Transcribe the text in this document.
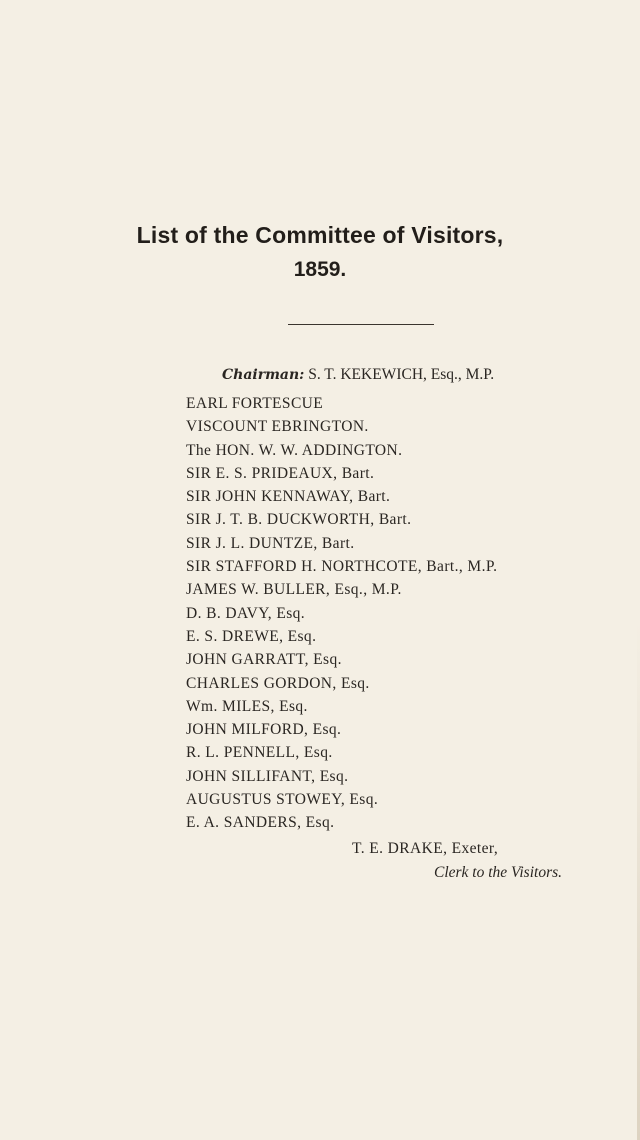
List of the Committee of Visitors,
1859.
Chairman: S. T. KEKEWICH, Esq., M.P.
EARL FORTESCUE
VISCOUNT EBRINGTON.
The HON. W. W. ADDINGTON.
SIR E. S. PRIDEAUX, Bart.
SIR JOHN KENNAWAY, Bart.
SIR J. T. B. DUCKWORTH, Bart.
SIR J. L. DUNTZE, Bart.
SIR STAFFORD H. NORTHCOTE, Bart., M.P.
JAMES W. BULLER, Esq., M.P.
D. B. DAVY, Esq.
E. S. DREWE, Esq.
JOHN GARRATT, Esq.
CHARLES GORDON, Esq.
Wm. MILES, Esq.
JOHN MILFORD, Esq.
R. L. PENNELL, Esq.
JOHN SILLIFANT, Esq.
AUGUSTUS STOWEY, Esq.
E. A. SANDERS, Esq.
T. E. DRAKE, Exeter,
Clerk to the Visitors.
